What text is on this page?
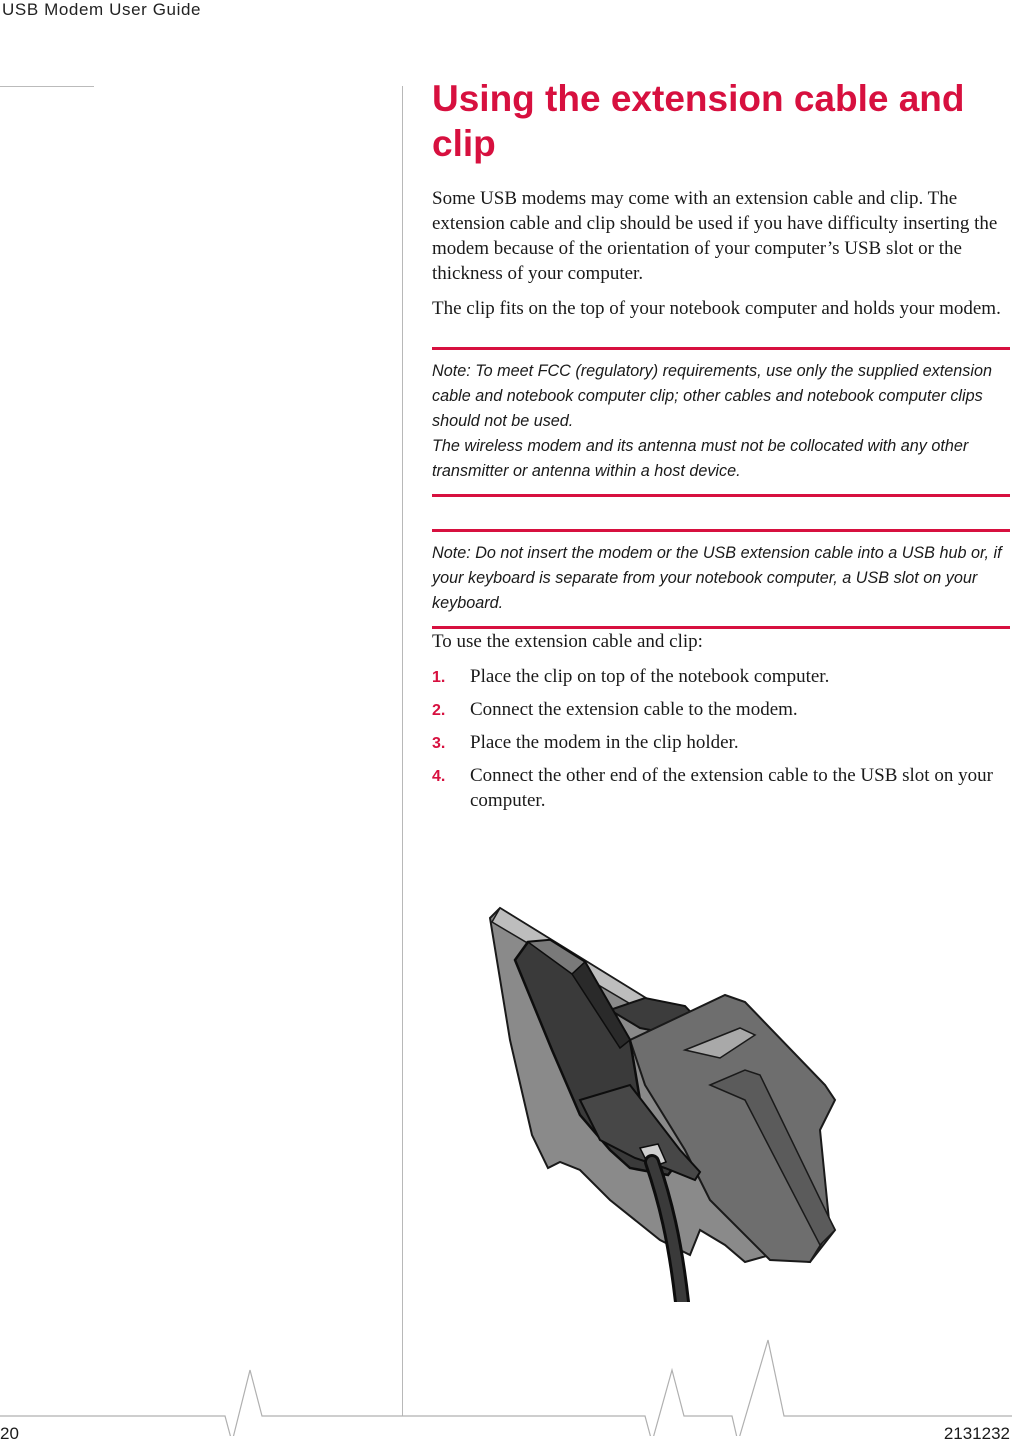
USB Modem User Guide
Using the extension cable and clip

Some USB modems may come with an extension cable and clip. The extension cable and clip should be used if you have difficulty inserting the modem because of the orientation of your computer’s USB slot or the thickness of your computer.

The clip fits on the top of your notebook computer and holds your modem.

Note: To meet FCC (regulatory) requirements, use only the supplied extension cable and notebook computer clip; other cables and notebook computer clips should not be used.

The wireless modem and its antenna must not be collocated with any other transmitter or antenna within a host device.

Note: Do not insert the modem or the USB extension cable into a USB hub or, if your keyboard is separate from your notebook computer, a USB slot on your keyboard.

To use the extension cable and clip:

1. Place the clip on top of the notebook computer.
2. Connect the extension cable to the modem.
3. Place the modem in the clip holder.
4. Connect the other end of the extension cable to the USB slot on your computer.
20	2131232
